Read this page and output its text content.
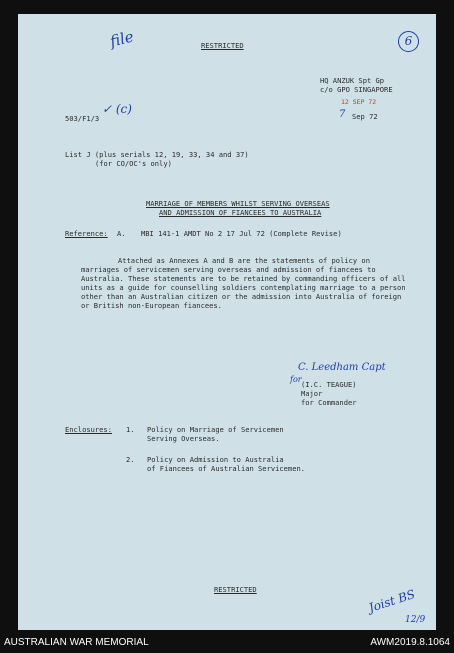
file	RESTRICTED	6
HQ ANZUK Spt Gp
c/o GPO SINGAPORE
12 SEP 72
7 Sep 72
503/F1/3
✓ (c)
List J (plus serials 12, 19, 33, 34 and 37)
(for CO/OC's only)
MARRIAGE OF MEMBERS WHILST SERVING OVERSEAS
AND ADMISSION OF FIANCEES TO AUSTRALIA
Reference: A. MBI 141-1 AMDT No 2 17 Jul 72 (Complete Revise)
C. Leedham Capt
for
(I.C. TEAGUE)
Major
for Commander
Enclosures: 1. Policy on Marriage of Servicemen
Serving Overseas.
2. Policy on Admission to Australia
of Fiancees of Australian Servicemen.
RESTRICTED	Joist BS
12/9
Attached as Annexes A and B are the statements of policy on marriages of servicemen serving overseas and admission of fiancees to Australia. These statements are to be retained by commanding officers of all units as a guide for counselling soldiers contemplating marriage to a person other than an Australian citizen or the admission into Australia of foreign or British non-European fiancees.
AUSTRALIAN WAR MEMORIAL	AWM2019.8.1064
